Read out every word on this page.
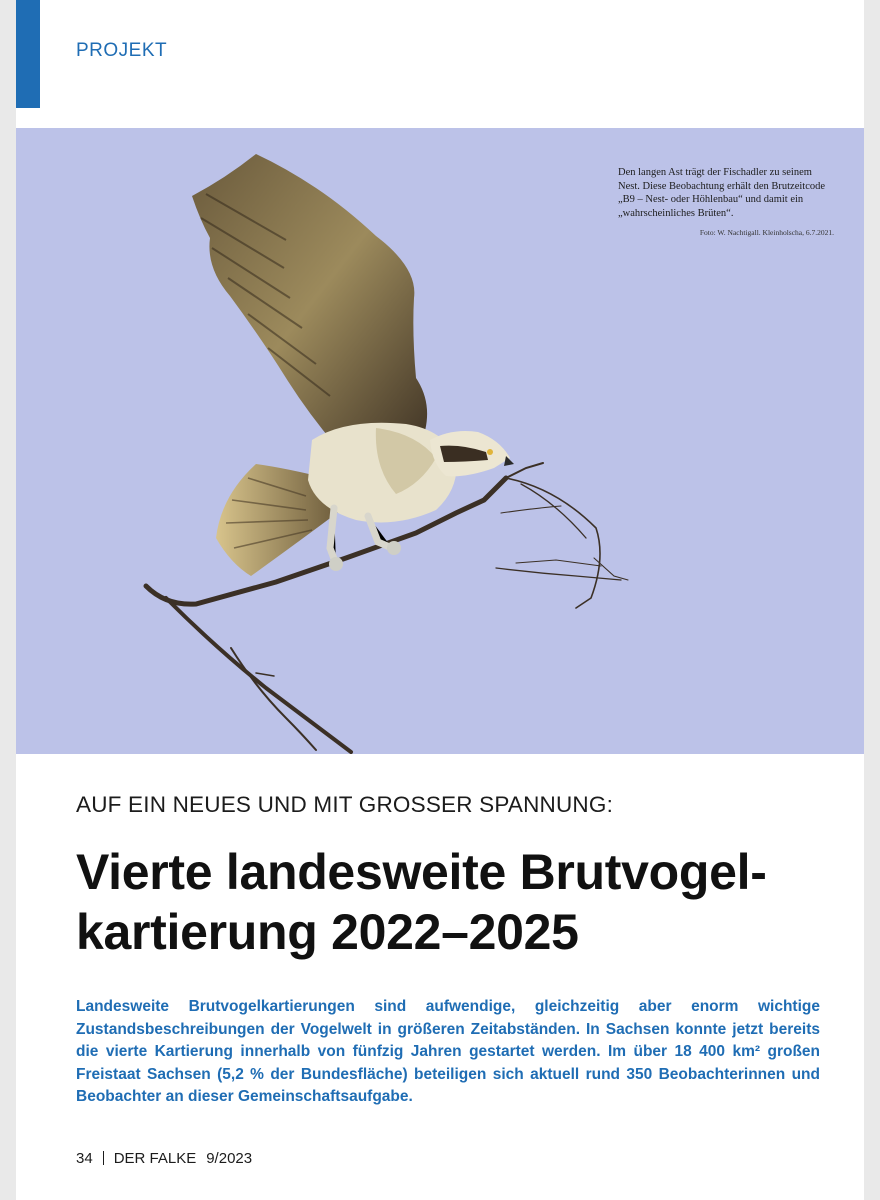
PROJEKT
Den langen Ast trägt der Fischadler zu seinem Nest. Diese Beobachtung erhält den Brutzeitcode „B9 – Nest- oder Höhlenbau“ und damit ein „wahrscheinliches Brüten“.
Foto: W. Nachtigall. Kleinholscha, 6.7.2021.
AUF EIN NEUES UND MIT GROSSER SPANNUNG:
Vierte landesweite Brutvogel-kartierung 2022–2025

Landesweite Brutvogelkartierungen sind aufwendige, gleichzeitig aber enorm wichtige Zustandsbeschreibungen der Vogelwelt in größeren Zeitabständen. In Sachsen konnte jetzt bereits die vierte Kartierung innerhalb von fünfzig Jahren gestartet werden. Im über 18 400 km² großen Freistaat Sachsen (5,2 % der Bundesfläche) beteiligen sich aktuell rund 350 Beobachterinnen und Beobachter an dieser Gemeinschaftsaufgabe.

34 DER FALKE 9/2023
